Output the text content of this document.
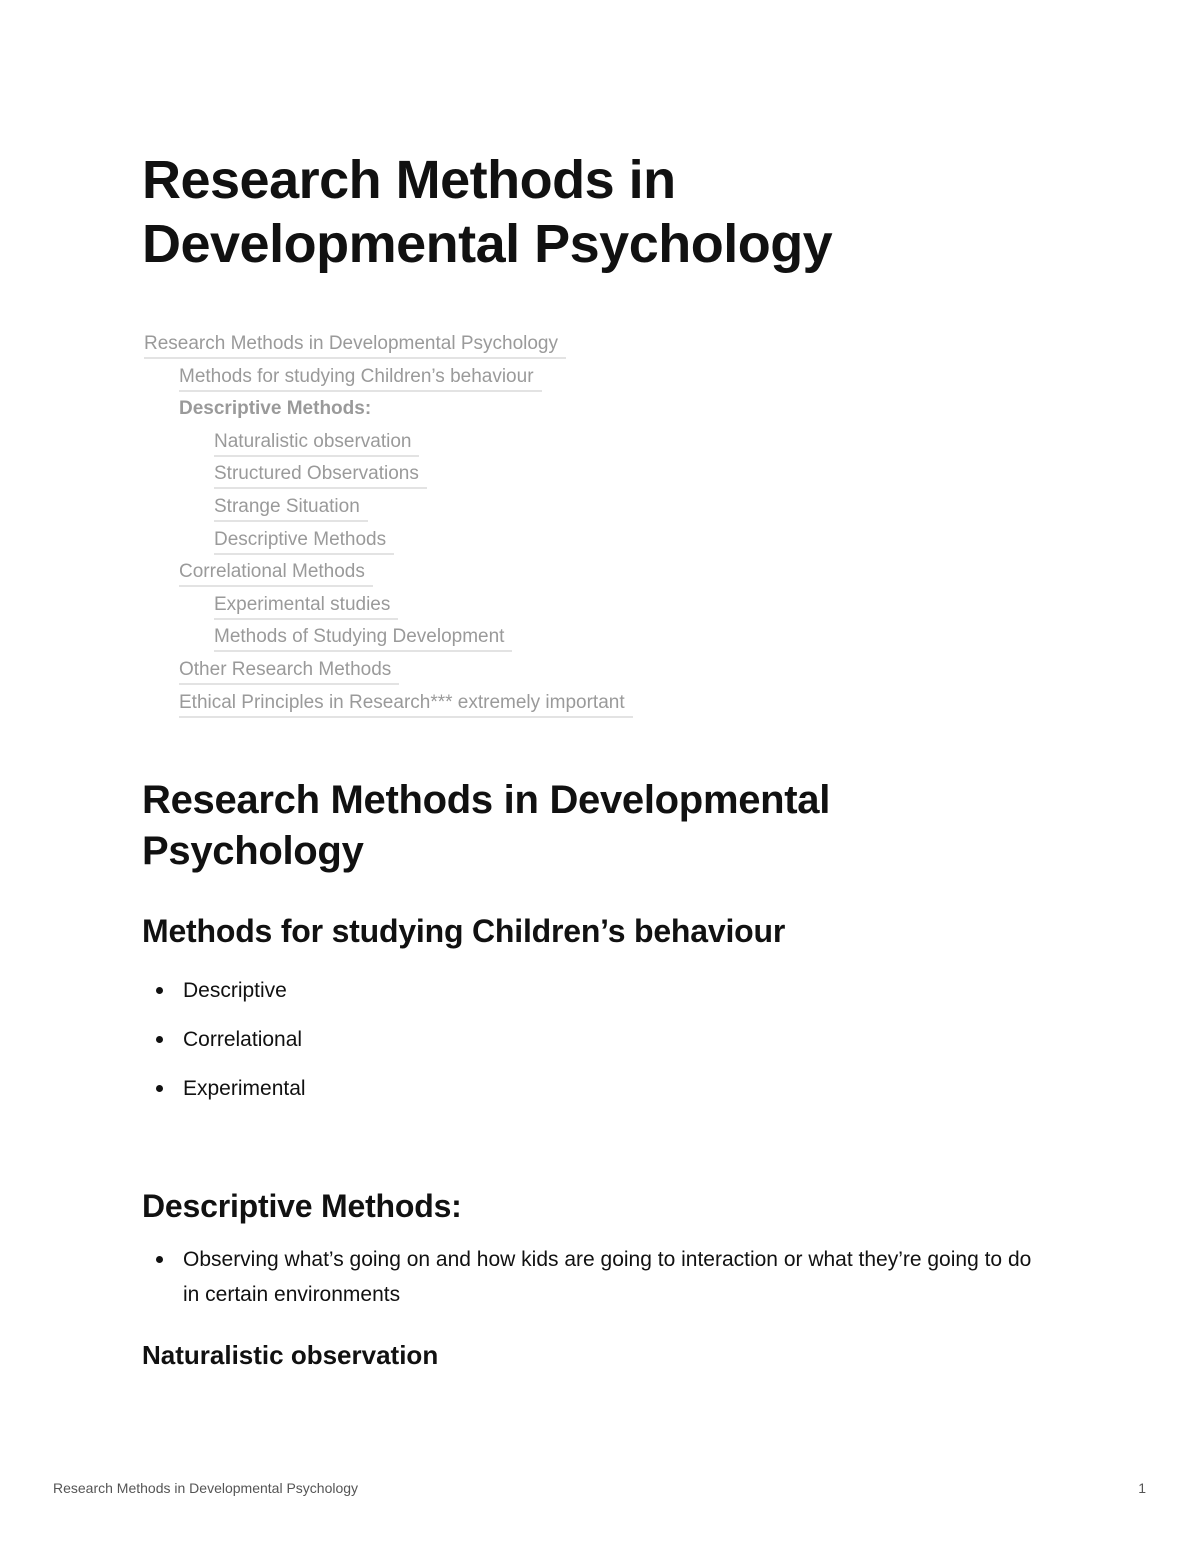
Research Methods in
Developmental Psychology
Research Methods in Developmental Psychology
Methods for studying Children’s behaviour
Descriptive Methods:
Naturalistic observation
Structured Observations
Strange Situation
Descriptive Methods
Correlational Methods
Experimental studies
Methods of Studying Development
Other Research Methods
Ethical Principles in Research*** extremely important
Research Methods in Developmental Psychology
Methods for studying Children’s behaviour
Descriptive
Correlational
Experimental
Descriptive Methods:
Observing what’s going on and how kids are going to interaction or what they’re going to do in certain environments
Naturalistic observation
Research Methods in Developmental Psychology	1
